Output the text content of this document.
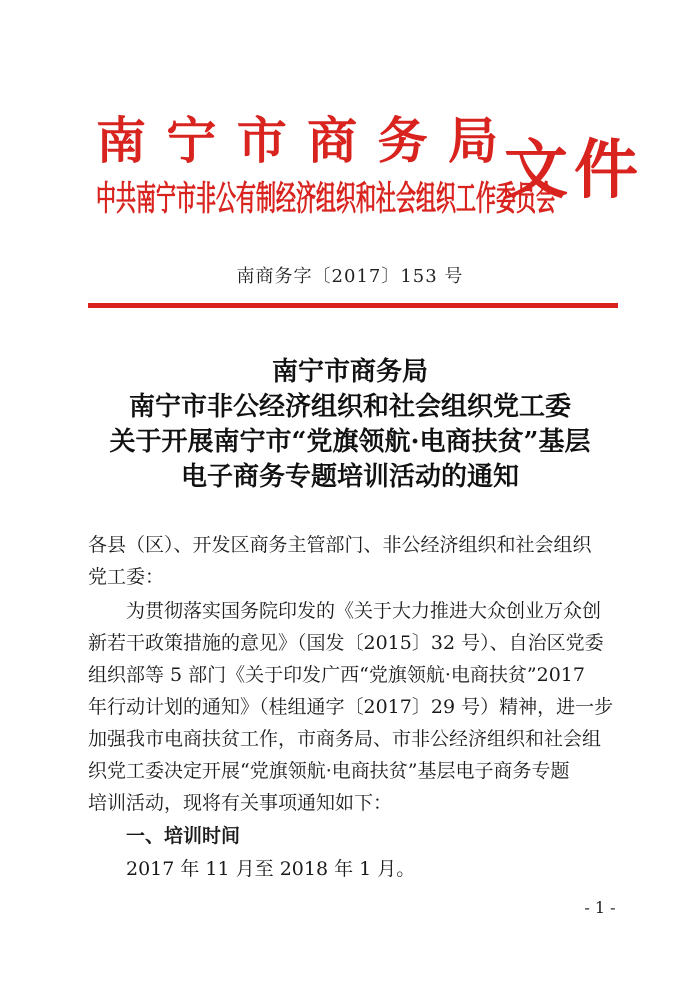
南 宁 市 商 务 局
中共南宁市非公有制经济组织和社会组织工作委员会
文件
南商务字〔2017〕153 号
南宁市商务局
南宁市非公经济组织和社会组织党工委
关于开展南宁市“党旗领航·电商扶贫”基层
电子商务专题培训活动的通知
各县（区）、开发区商务主管部门、非公经济组织和社会组织
党工委：
　　为贯彻落实国务院印发的《关于大力推进大众创业万众创
新若干政策措施的意见》（国发〔2015〕32 号）、自治区党委
组织部等 5 部门《关于印发广西“党旗领航·电商扶贫”2017
年行动计划的通知》（桂组通字〔2017〕29 号）精神，进一步
加强我市电商扶贫工作，市商务局、市非公经济组织和社会组
织党工委决定开展“党旗领航·电商扶贫”基层电子商务专题
培训活动，现将有关事项通知如下：
　　一、培训时间
　　2017 年 11 月至 2018 年 1 月。
- 1 -
